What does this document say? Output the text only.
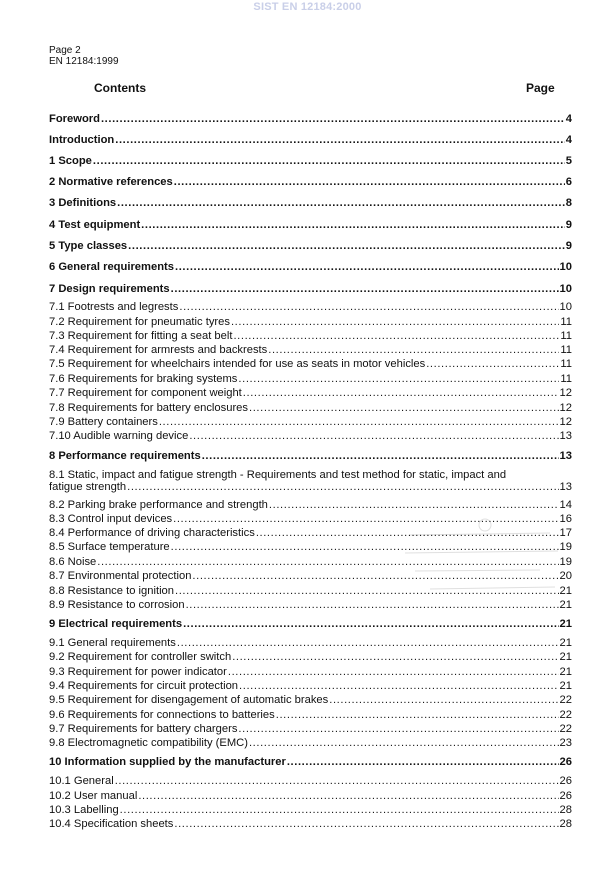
SIST EN 12184:2000
Page 2
EN 12184:1999
Contents	Page
Foreword .....	4
Introduction .....	4
1 Scope .....	5
2 Normative references .....	6
3 Definitions .....	8
4 Test equipment .....	9
5 Type classes .....	9
6 General requirements .....	10
7 Design requirements .....	10
7.1 Footrests and legrests .....	10
7.2 Requirement for pneumatic tyres .....	11
7.3 Requirement for fitting a seat belt .....	11
7.4 Requirement for armrests and backrests .....	11
7.5 Requirement for wheelchairs intended for use as seats in motor vehicles .....	11
7.6 Requirements for braking systems .....	11
7.7 Requirement for component weight .....	12
7.8 Requirements for battery enclosures .....	12
7.9 Battery containers .....	12
7.10 Audible warning device .....	13
8 Performance requirements .....	13
8.1 Static, impact and fatigue strength - Requirements and test method for static, impact and
fatigue strength .....	13
8.2 Parking brake performance and strength .....	14
8.3 Control input devices .....	16
8.4 Performance of driving characteristics .....	17
8.5 Surface temperature .....	19
8.6 Noise .....	19
8.7 Environmental protection .....	20
8.8 Resistance to ignition .....	21
8.9 Resistance to corrosion .....	21
9 Electrical requirements .....	21
9.1 General requirements .....	21
9.2 Requirement for controller switch .....	21
9.3 Requirement for power indicator .....	21
9.4 Requirements for circuit protection .....	21
9.5 Requirement for disengagement of automatic brakes .....	22
9.6 Requirements for connections to batteries .....	22
9.7 Requirements for battery chargers .....	22
9.8 Electromagnetic compatibility (EMC) .....	23
10 Information supplied by the manufacturer .....	26
10.1 General .....	26
10.2 User manual .....	26
10.3 Labelling .....	28
10.4 Specification sheets .....	28
